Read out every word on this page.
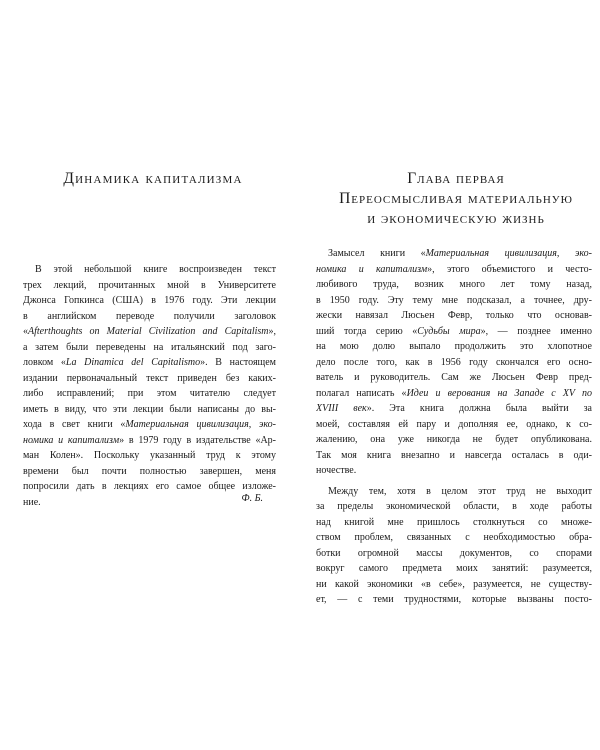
Динамика капитализма
В этой небольшой книге воспроизведен текст
трех лекций, прочитанных мной в Университете
Джонса Гопкинса (США) в 1976 году. Эти лекции
в английском переводе получили заголовок
«Afterthoughts on Material Civilization and Capitalism»,
а затем были переведены на итальянский под заго-
ловком «La Dinamica del Capitalismo». В настоящем
издании первоначальный текст приведен без каких-
либо исправлений; при этом читателю следует
иметь в виду, что эти лекции были написаны до вы-
хода в свет книги «Материальная цивилизация, эко-
номика и капитализм» в 1979 году в издательстве «Ар-
ман Колен». Поскольку указанный труд к этому
времени был почти полностью завершен, меня
попросили дать в лекциях его самое общее изложе-
ние.	Ф. Б.
Глава первая
Переосмысливая материальную
и экономическую жизнь
Замысел книги «Материальная цивилизация, эко-
номика и капитализм», этого объемистого и често-
любивого труда, возник много лет тому назад,
в 1950 году. Эту тему мне подсказал, а точнее, дру-
жески навязал Люсьен Февр, только что основав-
ший тогда серию «Судьбы мира», — позднее именно
на мою долю выпало продолжить это хлопотное
дело после того, как в 1956 году скончался его осно-
ватель и руководитель. Сам же Люсьен Февр пред-
полагал написать «Идеи и верования на Западе с XV по
XVIII век». Эта книга должна была выйти за
моей, составляя ей пару и дополняя ее, однако, к со-
жалению, она уже никогда не будет опубликована.
Так моя книга внезапно и навсегда осталась в оди-
ночестве.
Между тем, хотя в целом этот труд не выходит
за пределы экономической области, в ходе работы
над книгой мне пришлось столкнуться со множе-
ством проблем, связанных с необходимостью обра-
ботки огромной массы документов, со спорами
вокруг самого предмета моих занятий: разумеется,
ни какой экономики «в себе», разумеется, не существу-
ет, — с теми трудностями, которые вызваны посто-
